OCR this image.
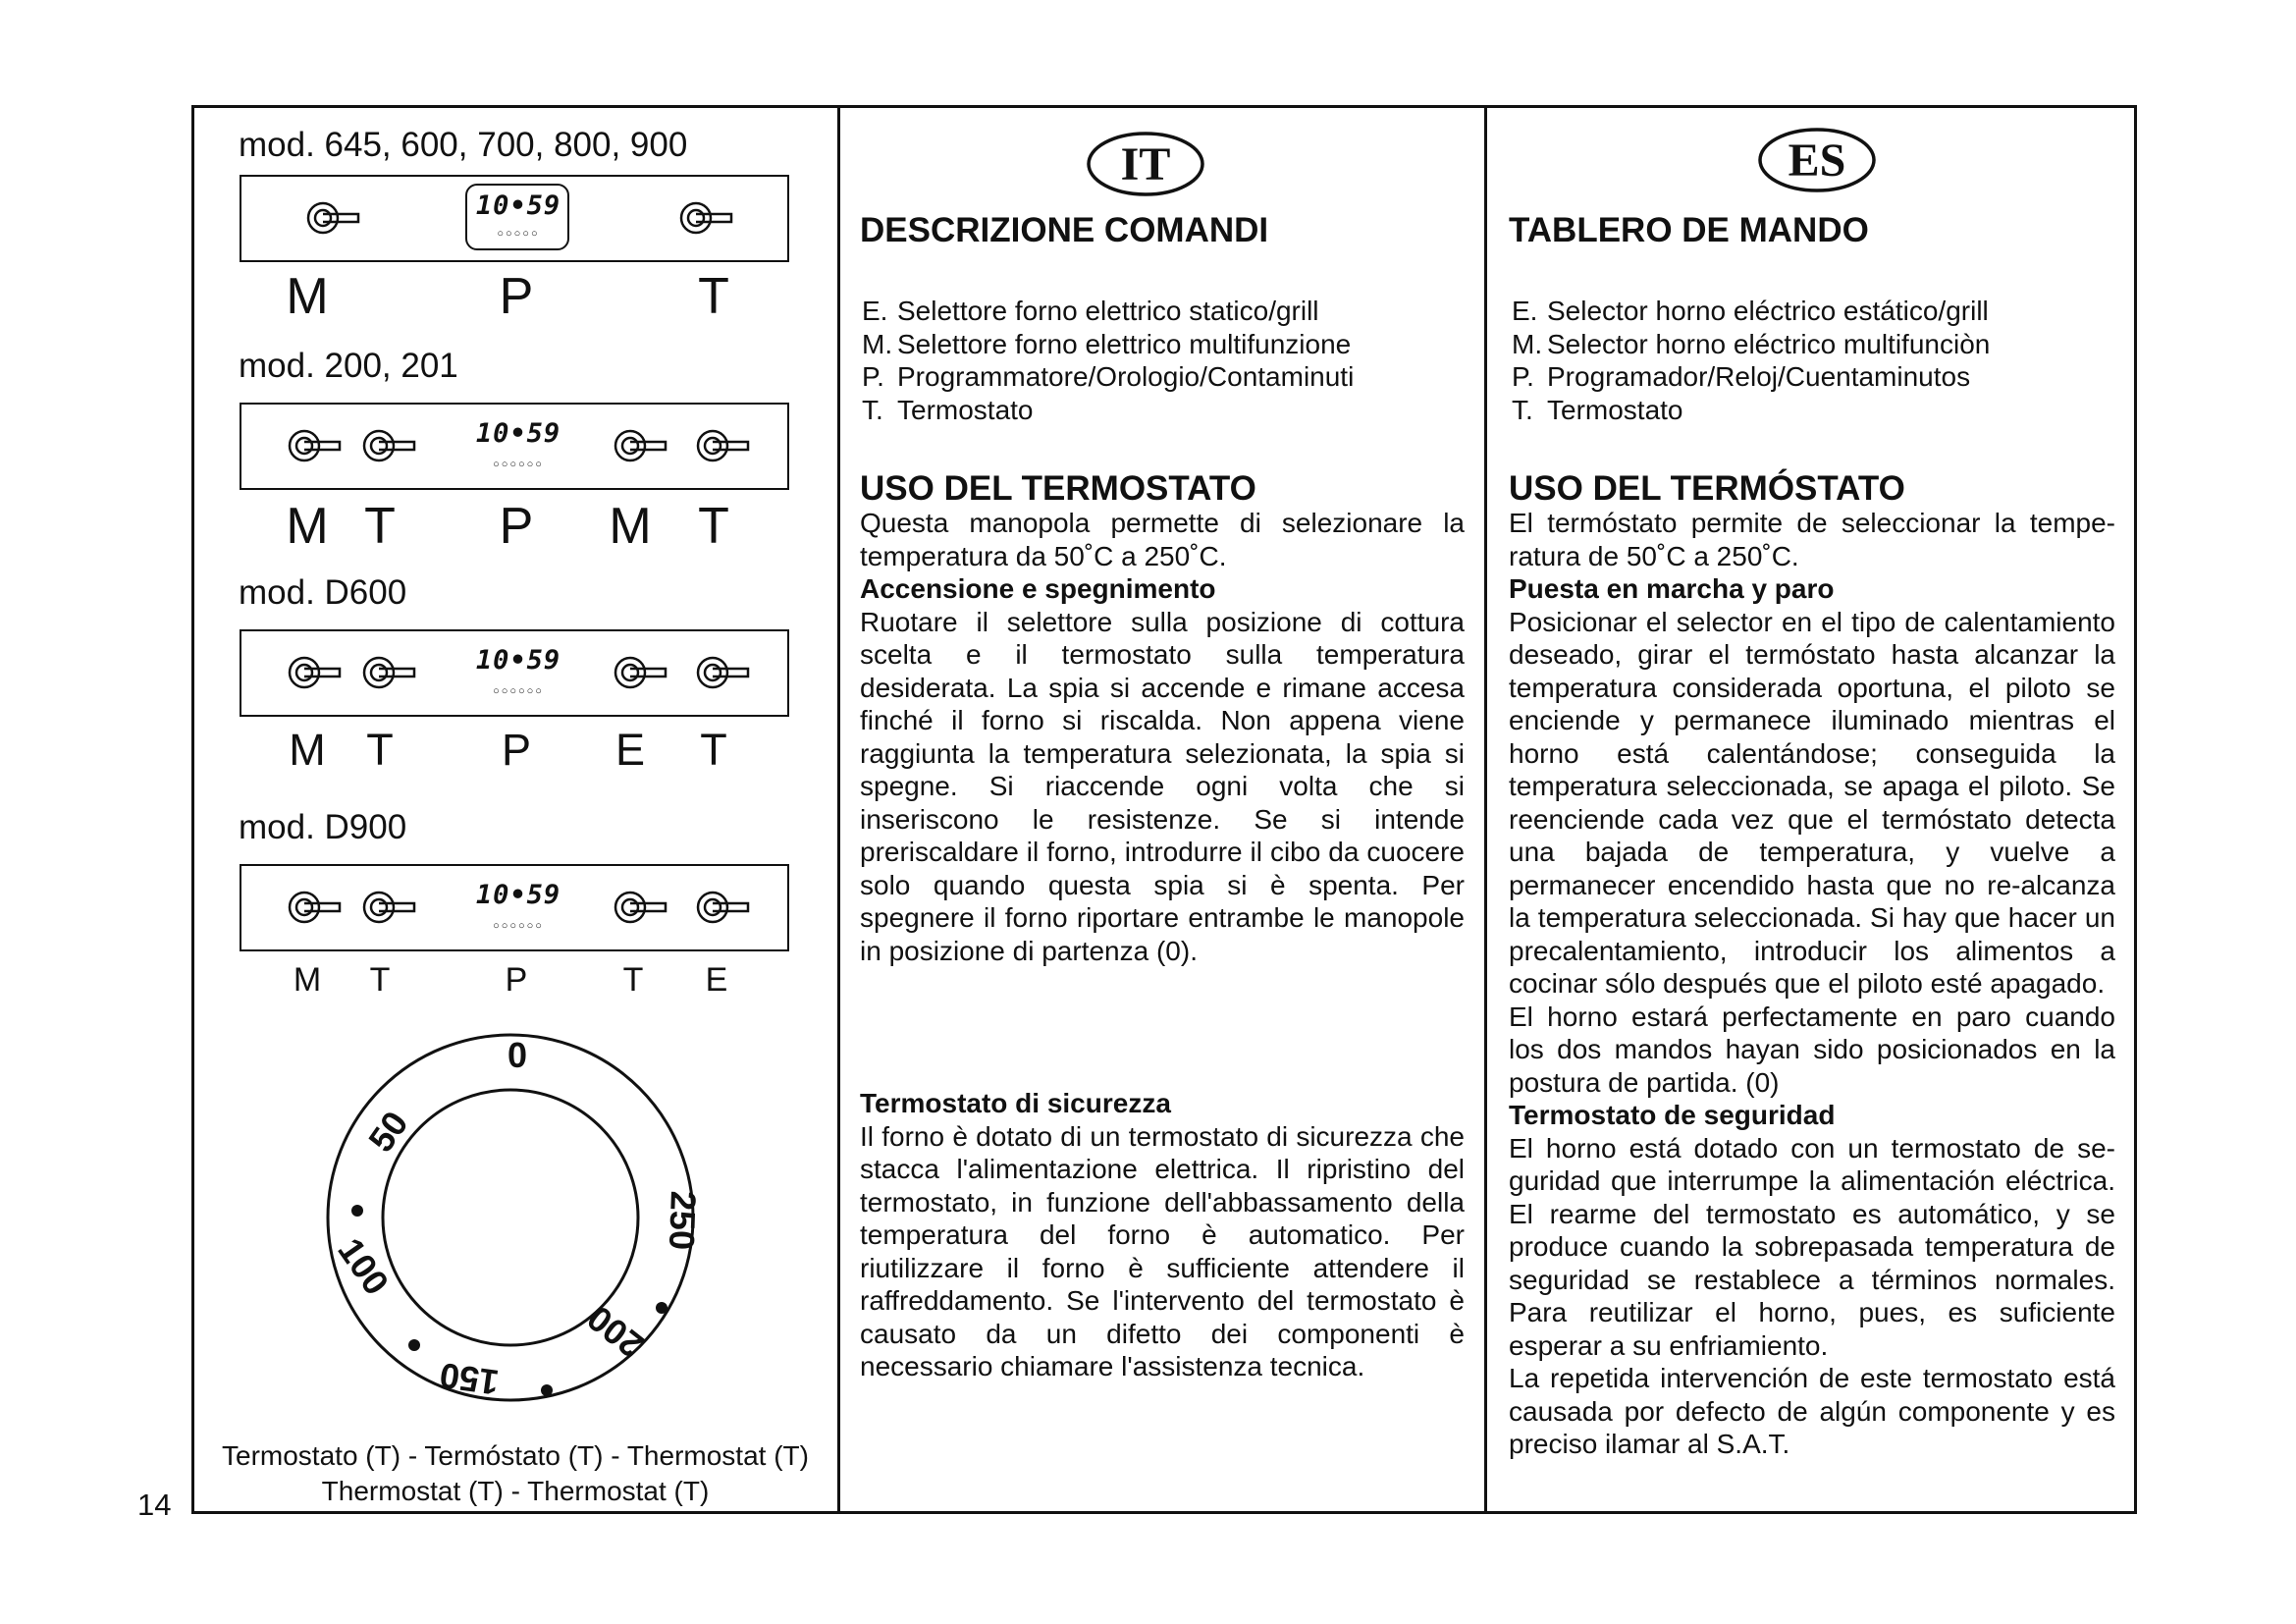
14
mod. 645, 600, 700, 800, 900
10•59
○○○○○
M	P	T
mod. 200, 201
10•59
○○○○○○
M T P M T
mod. D600
10•59
○○○○○○
M T P E T
mod. D900
10•59
○○○○○○
M T	P	T E
0
50
100
150
200
250
Termostato (T) - Termóstato (T) - Thermostat (T)
Thermostat (T) - Thermostat (T)
IT
DESCRIZIONE COMANDI
E. Selettore forno elettrico statico/grill
M. Selettore forno elettrico multifunzione
P. Programmatore/Orologio/Contaminuti
T. Termostato
USO DEL TERMOSTATO

Questa manopola permette di selezionare la temperatura da 50˚C a 250˚C.

Accensione e spegnimento

Ruotare il selettore sulla posizione di cottura scelta e il termostato sulla temperatura desiderata. La spia si accende e rimane accesa finché il forno si riscalda. Non appena viene raggiunta la temperatura selezionata, la spia si spegne. Si riaccende ogni volta che si inseriscono le resistenze. Se si intende preriscaldare il forno, introdurre il cibo da cuocere solo quando questa spia si è spenta. Per spegnere il forno riportare entrambe le manopole in posizione di partenza (0).

Termostato di sicurezza

Il forno è dotato di un termostato di sicurezza che stacca l'alimentazione elettrica. Il ripristino del termostato, in funzione dell'abbassamento della temperatura del forno è automatico. Per riutilizzare il forno è sufficiente attendere il raffreddamento. Se l'intervento del termostato è causato da un difetto dei componenti è necessario chiamare l'assistenza tecnica.

ES
TABLERO DE MANDO
E. Selector horno eléctrico estático/grill
M. Selector horno eléctrico multifunciòn
P. Programador/Reloj/Cuentaminutos
T. Termostato
USO DEL TERMÓSTATO

El termóstato permite de seleccionar la tempe-ratura de 50˚C a 250˚C.

Puesta en marcha y paro

Posicionar el selector en el tipo de calentamiento deseado, girar el termóstato hasta alcanzar la temperatura considerada oportuna, el piloto se enciende y permanece iluminado mientras el horno está calentándose; conseguida la temperatura seleccionada, se apaga el piloto. Se reenciende cada vez que el termóstato detecta una bajada de temperatura, y vuelve a permanecer encendido hasta que no re-alcanza la temperatura seleccionada. Si hay que hacer un precalentamiento, introducir los alimentos a cocinar sólo después que el piloto esté apagado.

El horno estará perfectamente en paro cuando los dos mandos hayan sido posicionados en la postura de partida. (0)

Termostato de seguridad

El horno está dotado con un termostato de se-guridad que interrumpe la alimentación eléctrica. El rearme del termostato es automático, y se produce cuando la sobrepasada temperatura de seguridad se restablece a términos normales. Para reutilizar el horno, pues, es suficiente esperar a su enfriamiento.

La repetida intervención de este termostato está causada por defecto de algún componente y es preciso ilamar al S.A.T.
